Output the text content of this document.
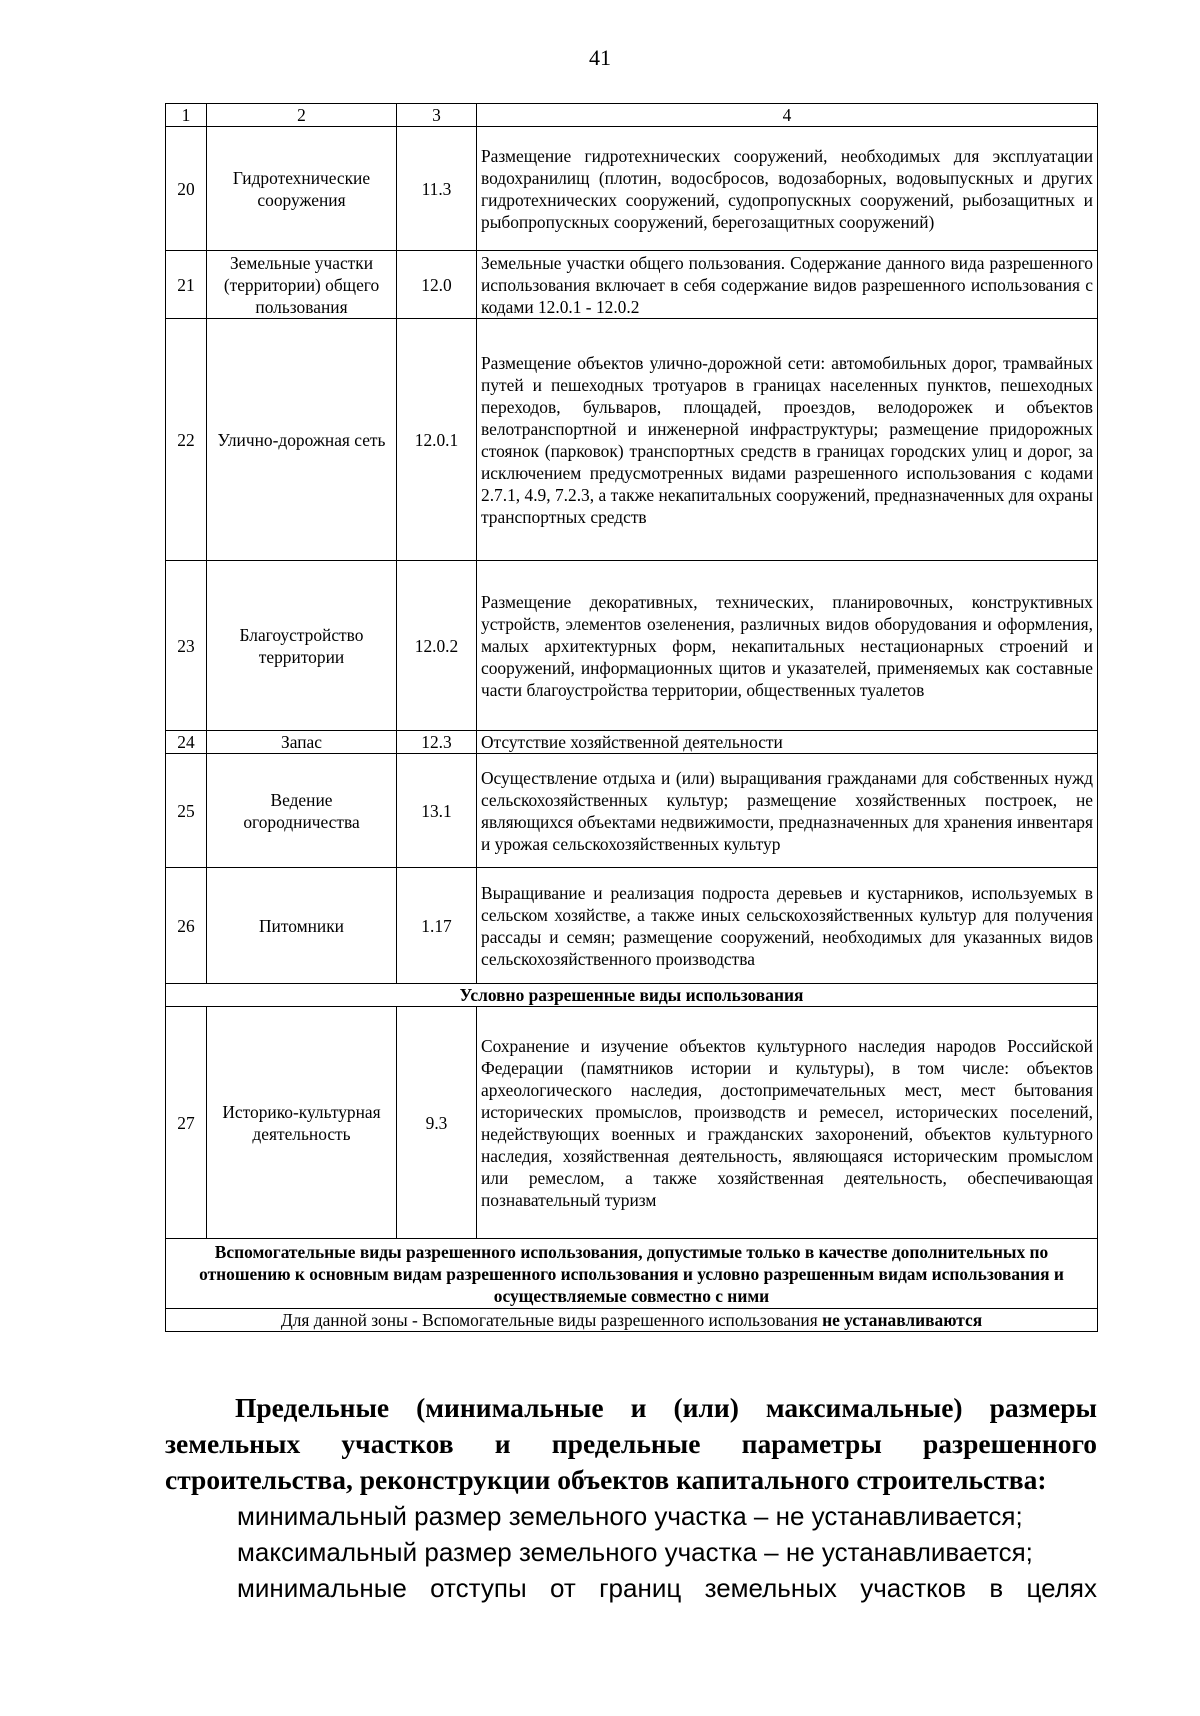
41
1	2	3	4
20	Гидротехнические сооружения	11.3	Размещение гидротехнических сооружений, необходимых для эксплуатации водохранилищ (плотин, водосбросов, водозаборных, водовыпускных и других гидротехнических сооружений, судопропускных сооружений, рыбозащитных и рыбопропускных сооружений, берегозащитных сооружений)
21	Земельные участки (территории) общего пользования	12.0	Земельные участки общего пользования. Содержание данного вида разрешенного использования включает в себя содержание видов разрешенного использования с кодами 12.0.1 - 12.0.2
22	Улично-дорожная сеть	12.0.1	Размещение объектов улично-дорожной сети: автомобильных дорог, трамвайных путей и пешеходных тротуаров в границах населенных пунктов, пешеходных переходов, бульваров, площадей, проездов, велодорожек и объектов велотранспортной и инженерной инфраструктуры; размещение придорожных стоянок (парковок) транспортных средств в границах городских улиц и дорог, за исключением предусмотренных видами разрешенного использования с кодами 2.7.1, 4.9, 7.2.3, а также некапитальных сооружений, предназначенных для охраны транспортных средств
23	Благоустройство территории	12.0.2	Размещение декоративных, технических, планировочных, конструктивных устройств, элементов озеленения, различных видов оборудования и оформления, малых архитектурных форм, некапитальных нестационарных строений и сооружений, информационных щитов и указателей, применяемых как составные части благоустройства территории, общественных туалетов
24	Запас	12.3	Отсутствие хозяйственной деятельности
25	Ведение огородничества	13.1	Осуществление отдыха и (или) выращивания гражданами для собственных нужд сельскохозяйственных культур; размещение хозяйственных построек, не являющихся объектами недвижимости, предназначенных для хранения инвентаря и урожая сельскохозяйственных культур
26	Питомники	1.17	Выращивание и реализация подроста деревьев и кустарников, используемых в сельском хозяйстве, а также иных сельскохозяйственных культур для получения рассады и семян; размещение сооружений, необходимых для указанных видов сельскохозяйственного производства
Условно разрешенные виды использования			
27	Историко-культурная деятельность	9.3	Сохранение и изучение объектов культурного наследия народов Российской Федерации (памятников истории и культуры), в том числе: объектов археологического наследия, достопримечательных мест, мест бытования исторических промыслов, производств и ремесел, исторических поселений, недействующих военных и гражданских захоронений, объектов культурного наследия, хозяйственная деятельность, являющаяся историческим промыслом или ремеслом, а также хозяйственная деятельность, обеспечивающая познавательный туризм
Вспомогательные виды разрешенного использования, допустимые только в качестве дополнительных по отношению к основным видам разрешенного использования и условно разрешенным видам использования и осуществляемые совместно с ними			
Для данной зоны - Вспомогательные виды разрешенного использования не устанавливаются			
Предельные (минимальные и (или) максимальные) размеры земельных участков и предельные параметры разрешенного строительства, реконструкции объектов капитального строительства:
минимальный размер земельного участка – не устанавливается;
максимальный размер земельного участка – не устанавливается;
минимальные отступы от границ земельных участков в целях
